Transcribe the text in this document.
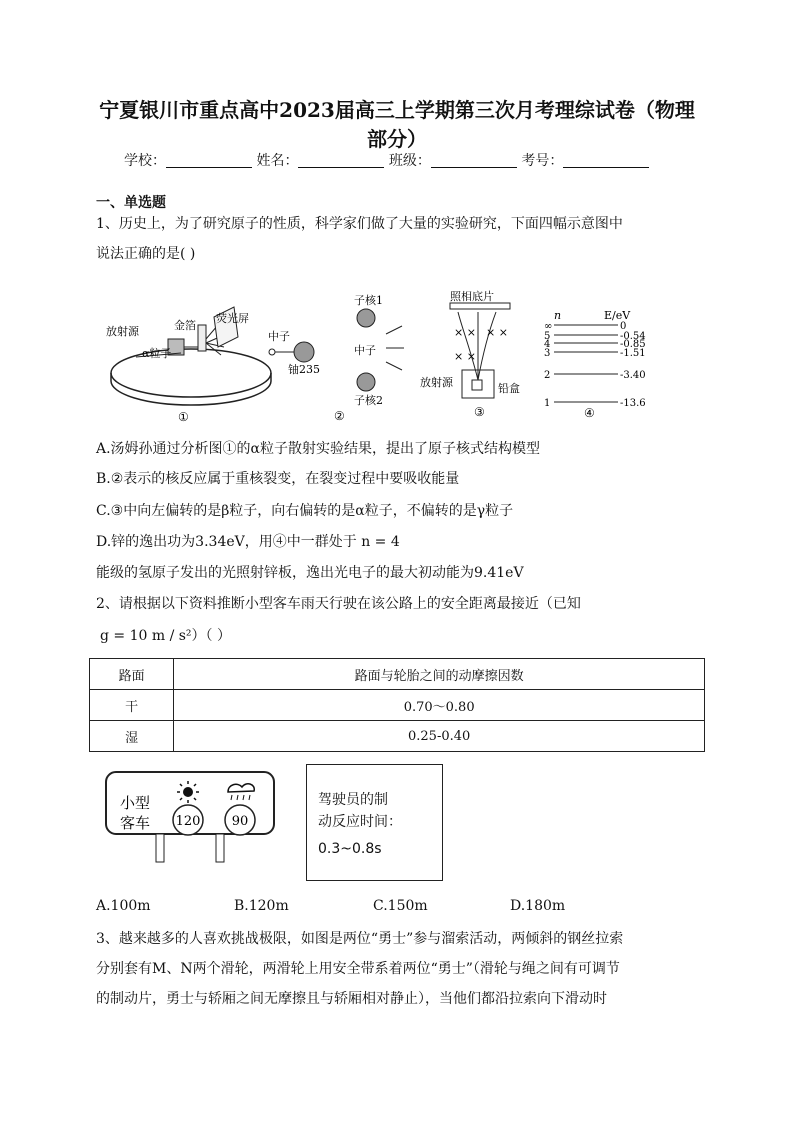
宁夏银川市重点高中2023届高三上学期第三次月考理综试卷（物理
部分）
学校：	姓名：	班级：	考号：
一、单选题
1、历史上，为了研究原子的性质，科学家们做了大量的实验研究，下面四幅示意图中
说法正确的是( )
放射源	金箔
荧光屏
α粒子
①
中子
铀235
子核1
中子
子核2
②
照相底片
× × × ×
× ×
放射源	铅盒
③
n	E/eV
∞	0
5	-0.54
4	-0.85
3	-1.51
2	-3.40
1	-13.6
④
A.汤姆孙通过分析图①的α粒子散射实验结果，提出了原子核式结构模型
B.②表示的核反应属于重核裂变，在裂变过程中要吸收能量
C.③中向左偏转的是β粒子，向右偏转的是α粒子，不偏转的是γ粒子
D.锌的逸出功为3.34eV，用④中一群处于 n = 4
能级的氢原子发出的光照射锌板，逸出光电子的最大初动能为9.41eV
2、请根据以下资料推断小型客车雨天行驶在该公路上的安全距离最接近（已知
g = 10 m / s²）（ ）
路面	路面与轮胎之间的动摩擦因数
干	0.70～0.80
湿	0.25-0.40
小型
客车 120 90
驾驶员的制
动反应时间：
0.3~0.8s
A.100m	B.120m	C.150m	D.180m
3、越来越多的人喜欢挑战极限，如图是两位“勇士”参与溜索活动，两倾斜的钢丝拉索
分别套有M、N两个滑轮，两滑轮上用安全带系着两位“勇士”（滑轮与绳之间有可调节
的制动片，勇士与轿厢之间无摩擦且与轿厢相对静止），当他们都沿拉索向下滑动时
